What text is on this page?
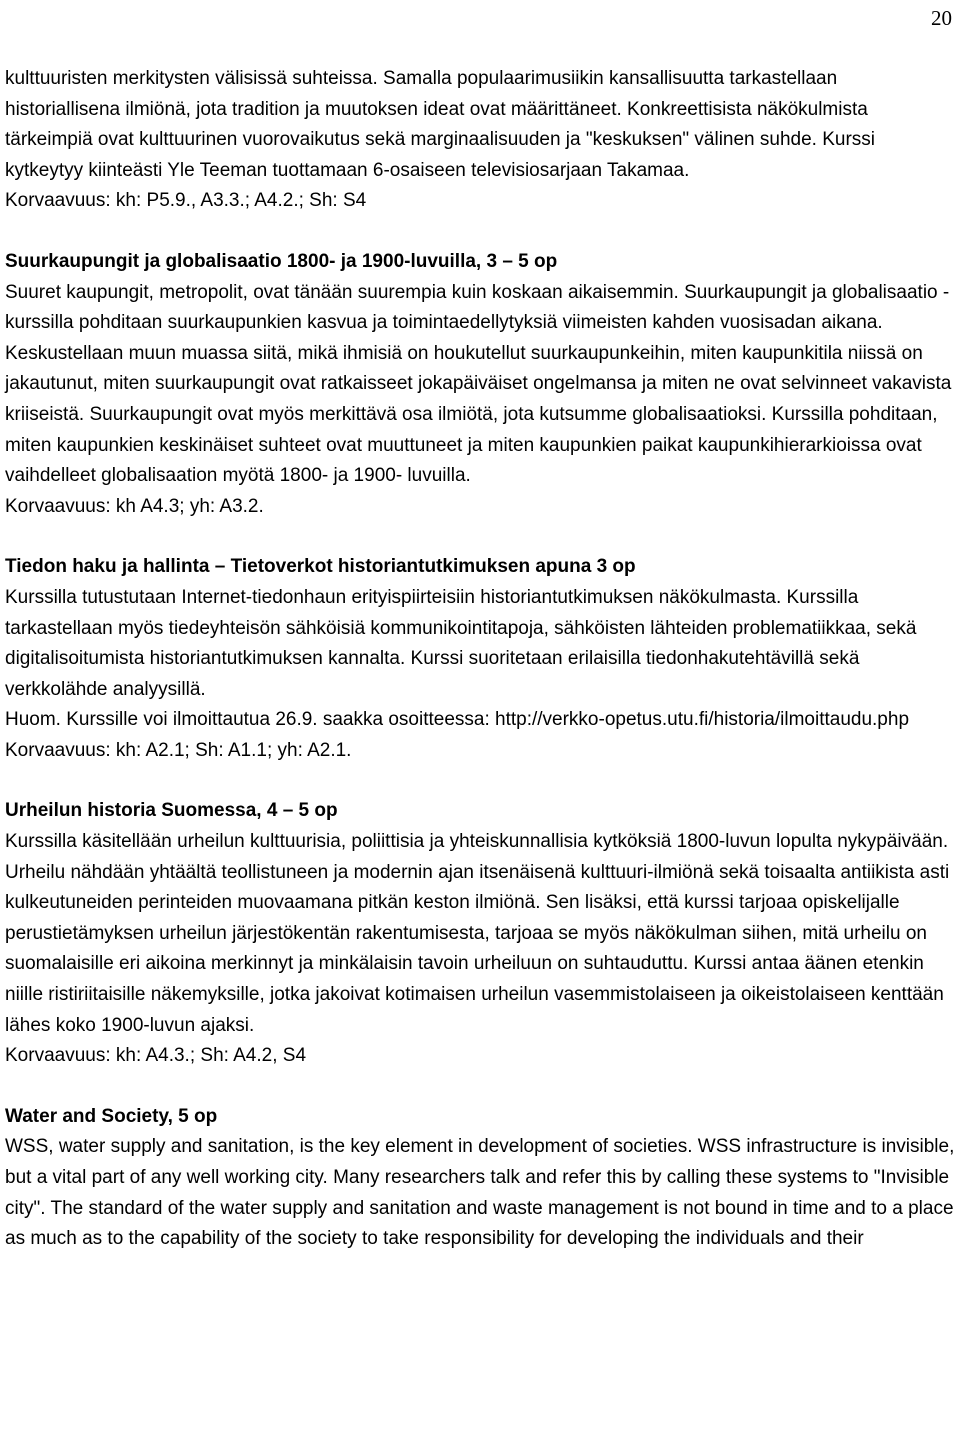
20

kulttuuristen merkitysten välisissä suhteissa. Samalla populaarimusiikin kansallisuutta tarkastellaan historiallisena ilmiönä, jota tradition ja muutoksen ideat ovat määrittäneet. Konkreettisista näkökulmista tärkeimpiä ovat kulttuurinen vuorovaikutus sekä marginaalisuuden ja "keskuksen" välinen suhde. Kurssi kytkeytyy kiinteästi Yle Teeman tuottamaan 6-osaiseen televisiosarjaan Takamaa.

Korvaavuus: kh: P5.9., A3.3.; A4.2.; Sh: S4

Suurkaupungit ja globalisaatio 1800- ja 1900-luvuilla, 3 – 5 op

Suuret kaupungit, metropolit, ovat tänään suurempia kuin koskaan aikaisemmin. Suurkaupungit ja globalisaatio -kurssilla pohditaan suurkaupunkien kasvua ja toimintaedellytyksiä viimeisten kahden vuosisadan aikana. Keskustellaan muun muassa siitä, mikä ihmisiä on houkutellut suurkaupunkeihin, miten kaupunkitila niissä on jakautunut, miten suurkaupungit ovat ratkaisseet jokapäiväiset ongelmansa ja miten ne ovat selvinneet vakavista kriiseistä. Suurkaupungit ovat myös merkittävä osa ilmiötä, jota kutsumme globalisaatioksi. Kurssilla pohditaan, miten kaupunkien keskinäiset suhteet ovat muuttuneet ja miten kaupunkien paikat kaupunkihierarkioissa ovat vaihdelleet globalisaation myötä 1800- ja 1900- luvuilla.

Korvaavuus: kh A4.3; yh: A3.2.

Tiedon haku ja hallinta – Tietoverkot historiantutkimuksen apuna 3 op

Kurssilla tutustutaan Internet-tiedonhaun erityispiirteisiin historiantutkimuksen näkökulmasta. Kurssilla tarkastellaan myös tiedeyhteisön sähköisiä kommunikointitapoja, sähköisten lähteiden problematiikkaa, sekä digitalisoitumista historiantutkimuksen kannalta. Kurssi suoritetaan erilaisilla tiedonhakutehtävillä sekä verkkolähde analyysillä.

Huom. Kurssille voi ilmoittautua 26.9. saakka osoitteessa: http://verkko-opetus.utu.fi/historia/ilmoittaudu.php

Korvaavuus: kh: A2.1; Sh: A1.1; yh: A2.1.

Urheilun historia Suomessa, 4 – 5 op

Kurssilla käsitellään urheilun kulttuurisia, poliittisia ja yhteiskunnallisia kytköksiä 1800-luvun lopulta nykypäivään. Urheilu nähdään yhtäältä teollistuneen ja modernin ajan itsenäisenä kulttuuri-ilmiönä sekä toisaalta antiikista asti kulkeutuneiden perinteiden muovaamana pitkän keston ilmiönä. Sen lisäksi, että kurssi tarjoaa opiskelijalle perustietämyksen urheilun järjestökentän rakentumisesta, tarjoaa se myös näkökulman siihen, mitä urheilu on suomalaisille eri aikoina merkinnyt ja minkälaisin tavoin urheiluun on suhtauduttu. Kurssi antaa äänen etenkin niille ristiriitaisille näkemyksille, jotka jakoivat kotimaisen urheilun vasemmistolaiseen ja oikeistolaiseen kenttään lähes koko 1900-luvun ajaksi.

Korvaavuus: kh: A4.3.; Sh: A4.2, S4

Water and Society, 5 op

WSS, water supply and sanitation, is the key element in development of societies. WSS infrastructure is invisible, but a vital part of any well working city. Many researchers talk and refer this by calling these systems to "Invisible city". The standard of the water supply and sanitation and waste management is not bound in time and to a place as much as to the capability of the society to take responsibility for developing the individuals and their
